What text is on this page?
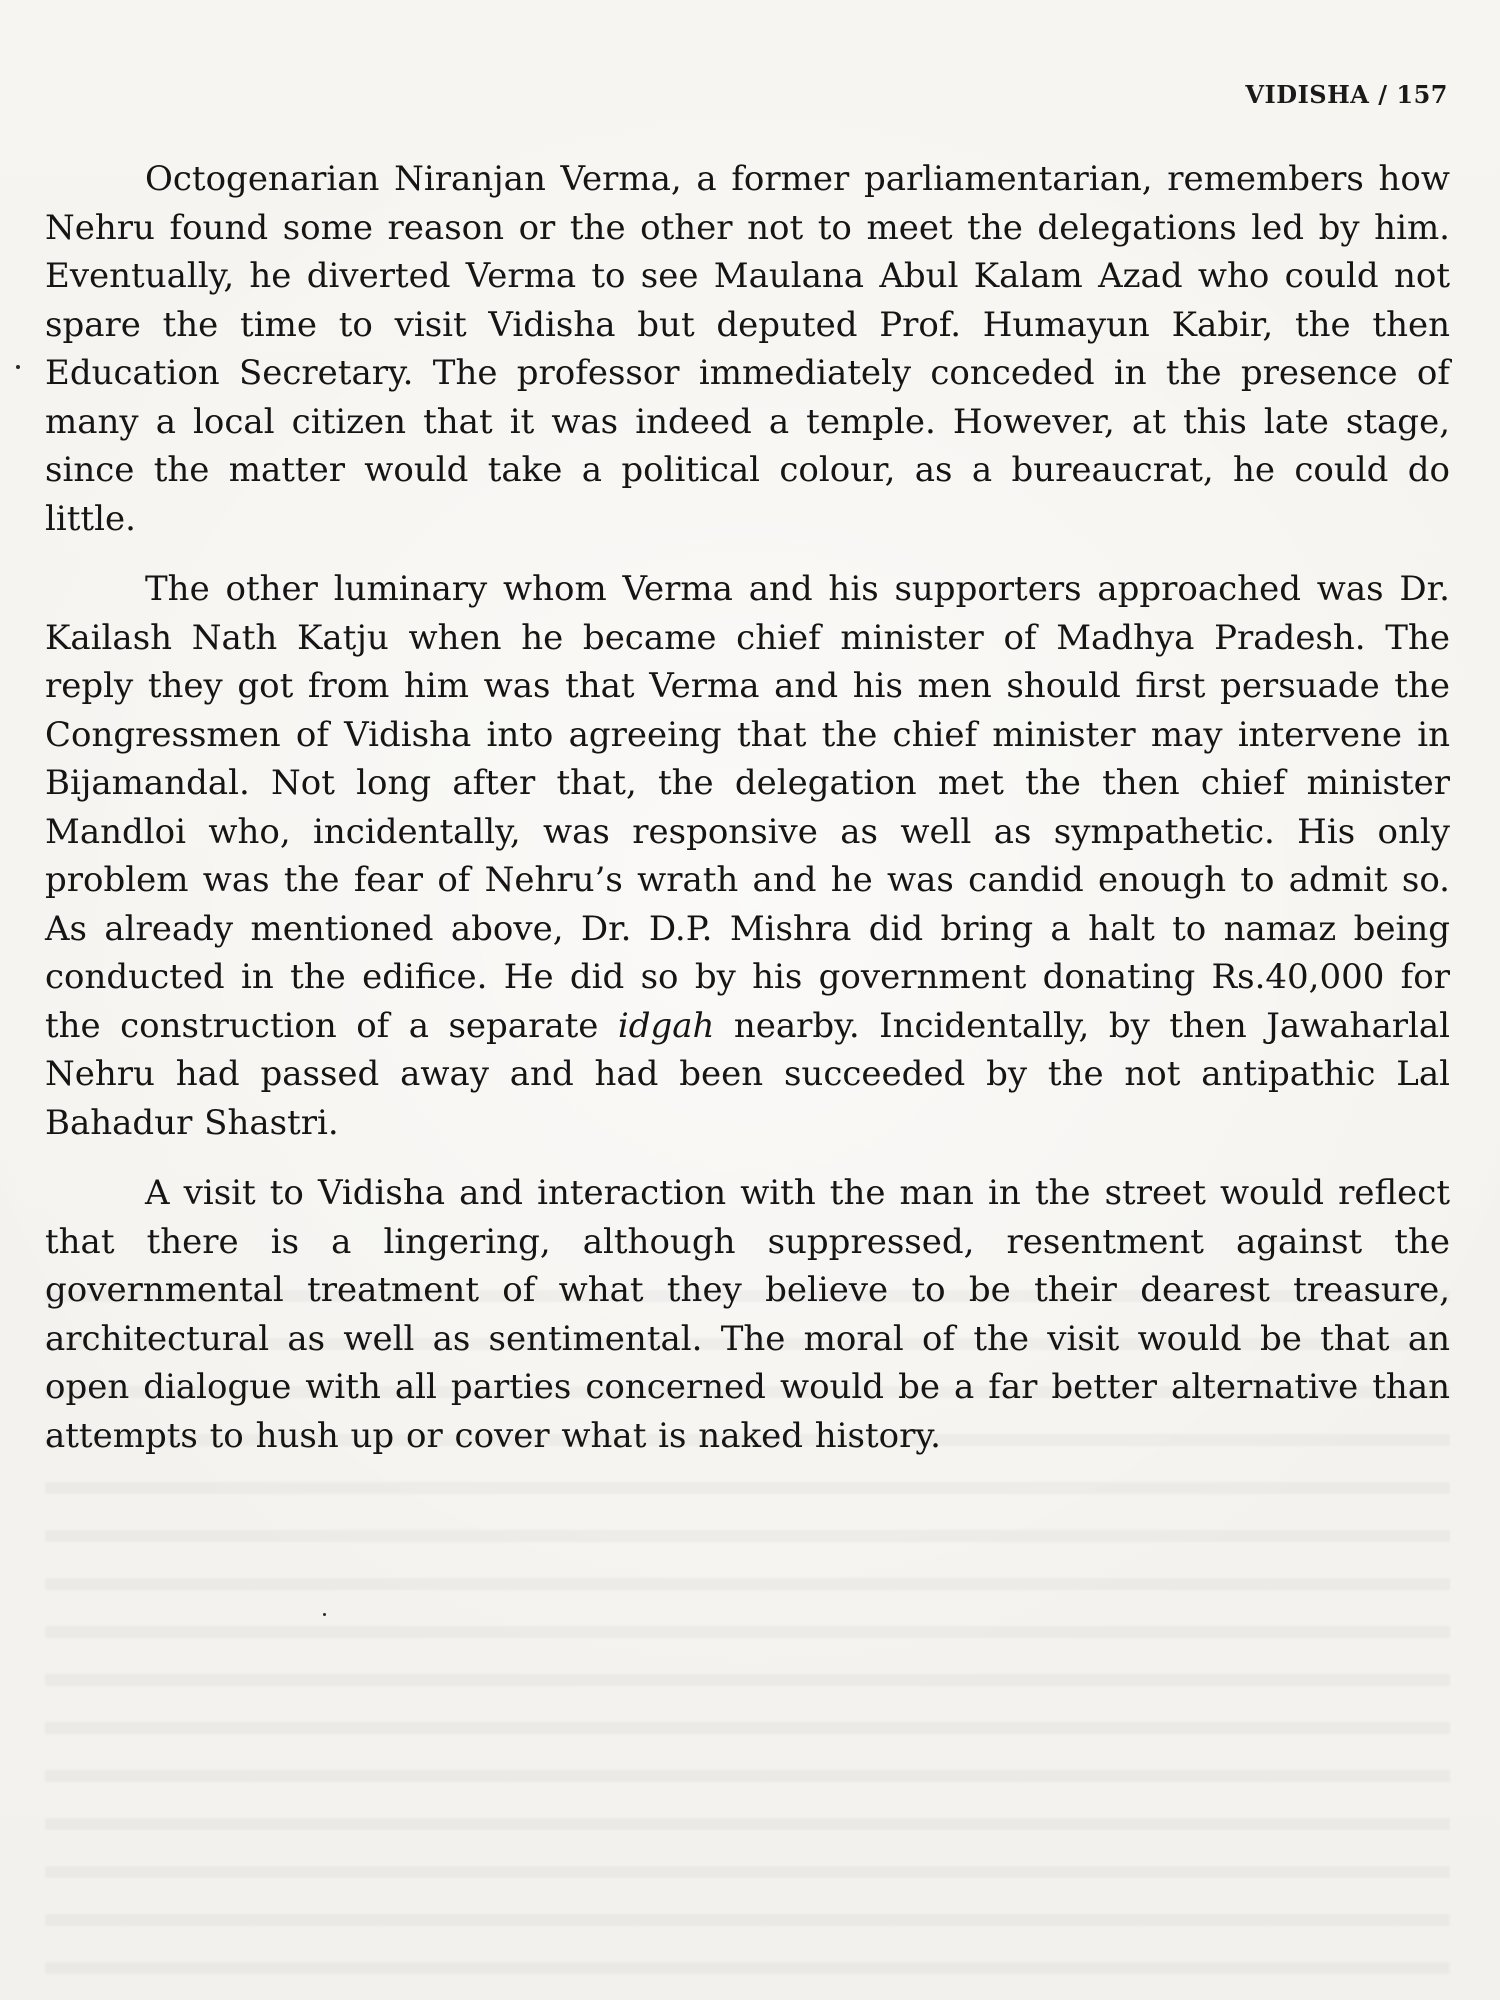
VIDISHA / 157

Octogenarian Niranjan Verma, a former parliamentarian, remembers how Nehru found some reason or the other not to meet the delegations led by him. Eventually, he diverted Verma to see Maulana Abul Kalam Azad who could not spare the time to visit Vidisha but deputed Prof. Humayun Kabir, the then Education Secretary. The professor immediately conceded in the presence of many a local citizen that it was indeed a temple. However, at this late stage, since the matter would take a political colour, as a bureaucrat, he could do little.

The other luminary whom Verma and his supporters approached was Dr. Kailash Nath Katju when he became chief minister of Madhya Pradesh. The reply they got from him was that Verma and his men should first persuade the Congressmen of Vidisha into agreeing that the chief minister may intervene in Bijamandal. Not long after that, the delegation met the then chief minister Mandloi who, incidentally, was responsive as well as sympathetic. His only problem was the fear of Nehru’s wrath and he was candid enough to admit so. As already mentioned above, Dr. D.P. Mishra did bring a halt to namaz being conducted in the edifice. He did so by his government donating Rs.40,000 for the construction of a separate idgah nearby. Incidentally, by then Jawaharlal Nehru had passed away and had been succeeded by the not antipathic Lal Bahadur Shastri.

A visit to Vidisha and interaction with the man in the street would reflect that there is a lingering, although suppressed, resentment against the governmental treatment of what they believe to be their dearest treasure, architectural as well as sentimental. The moral of the visit would be that an open dialogue with all parties concerned would be a far better alternative than attempts to hush up or cover what is naked history.
